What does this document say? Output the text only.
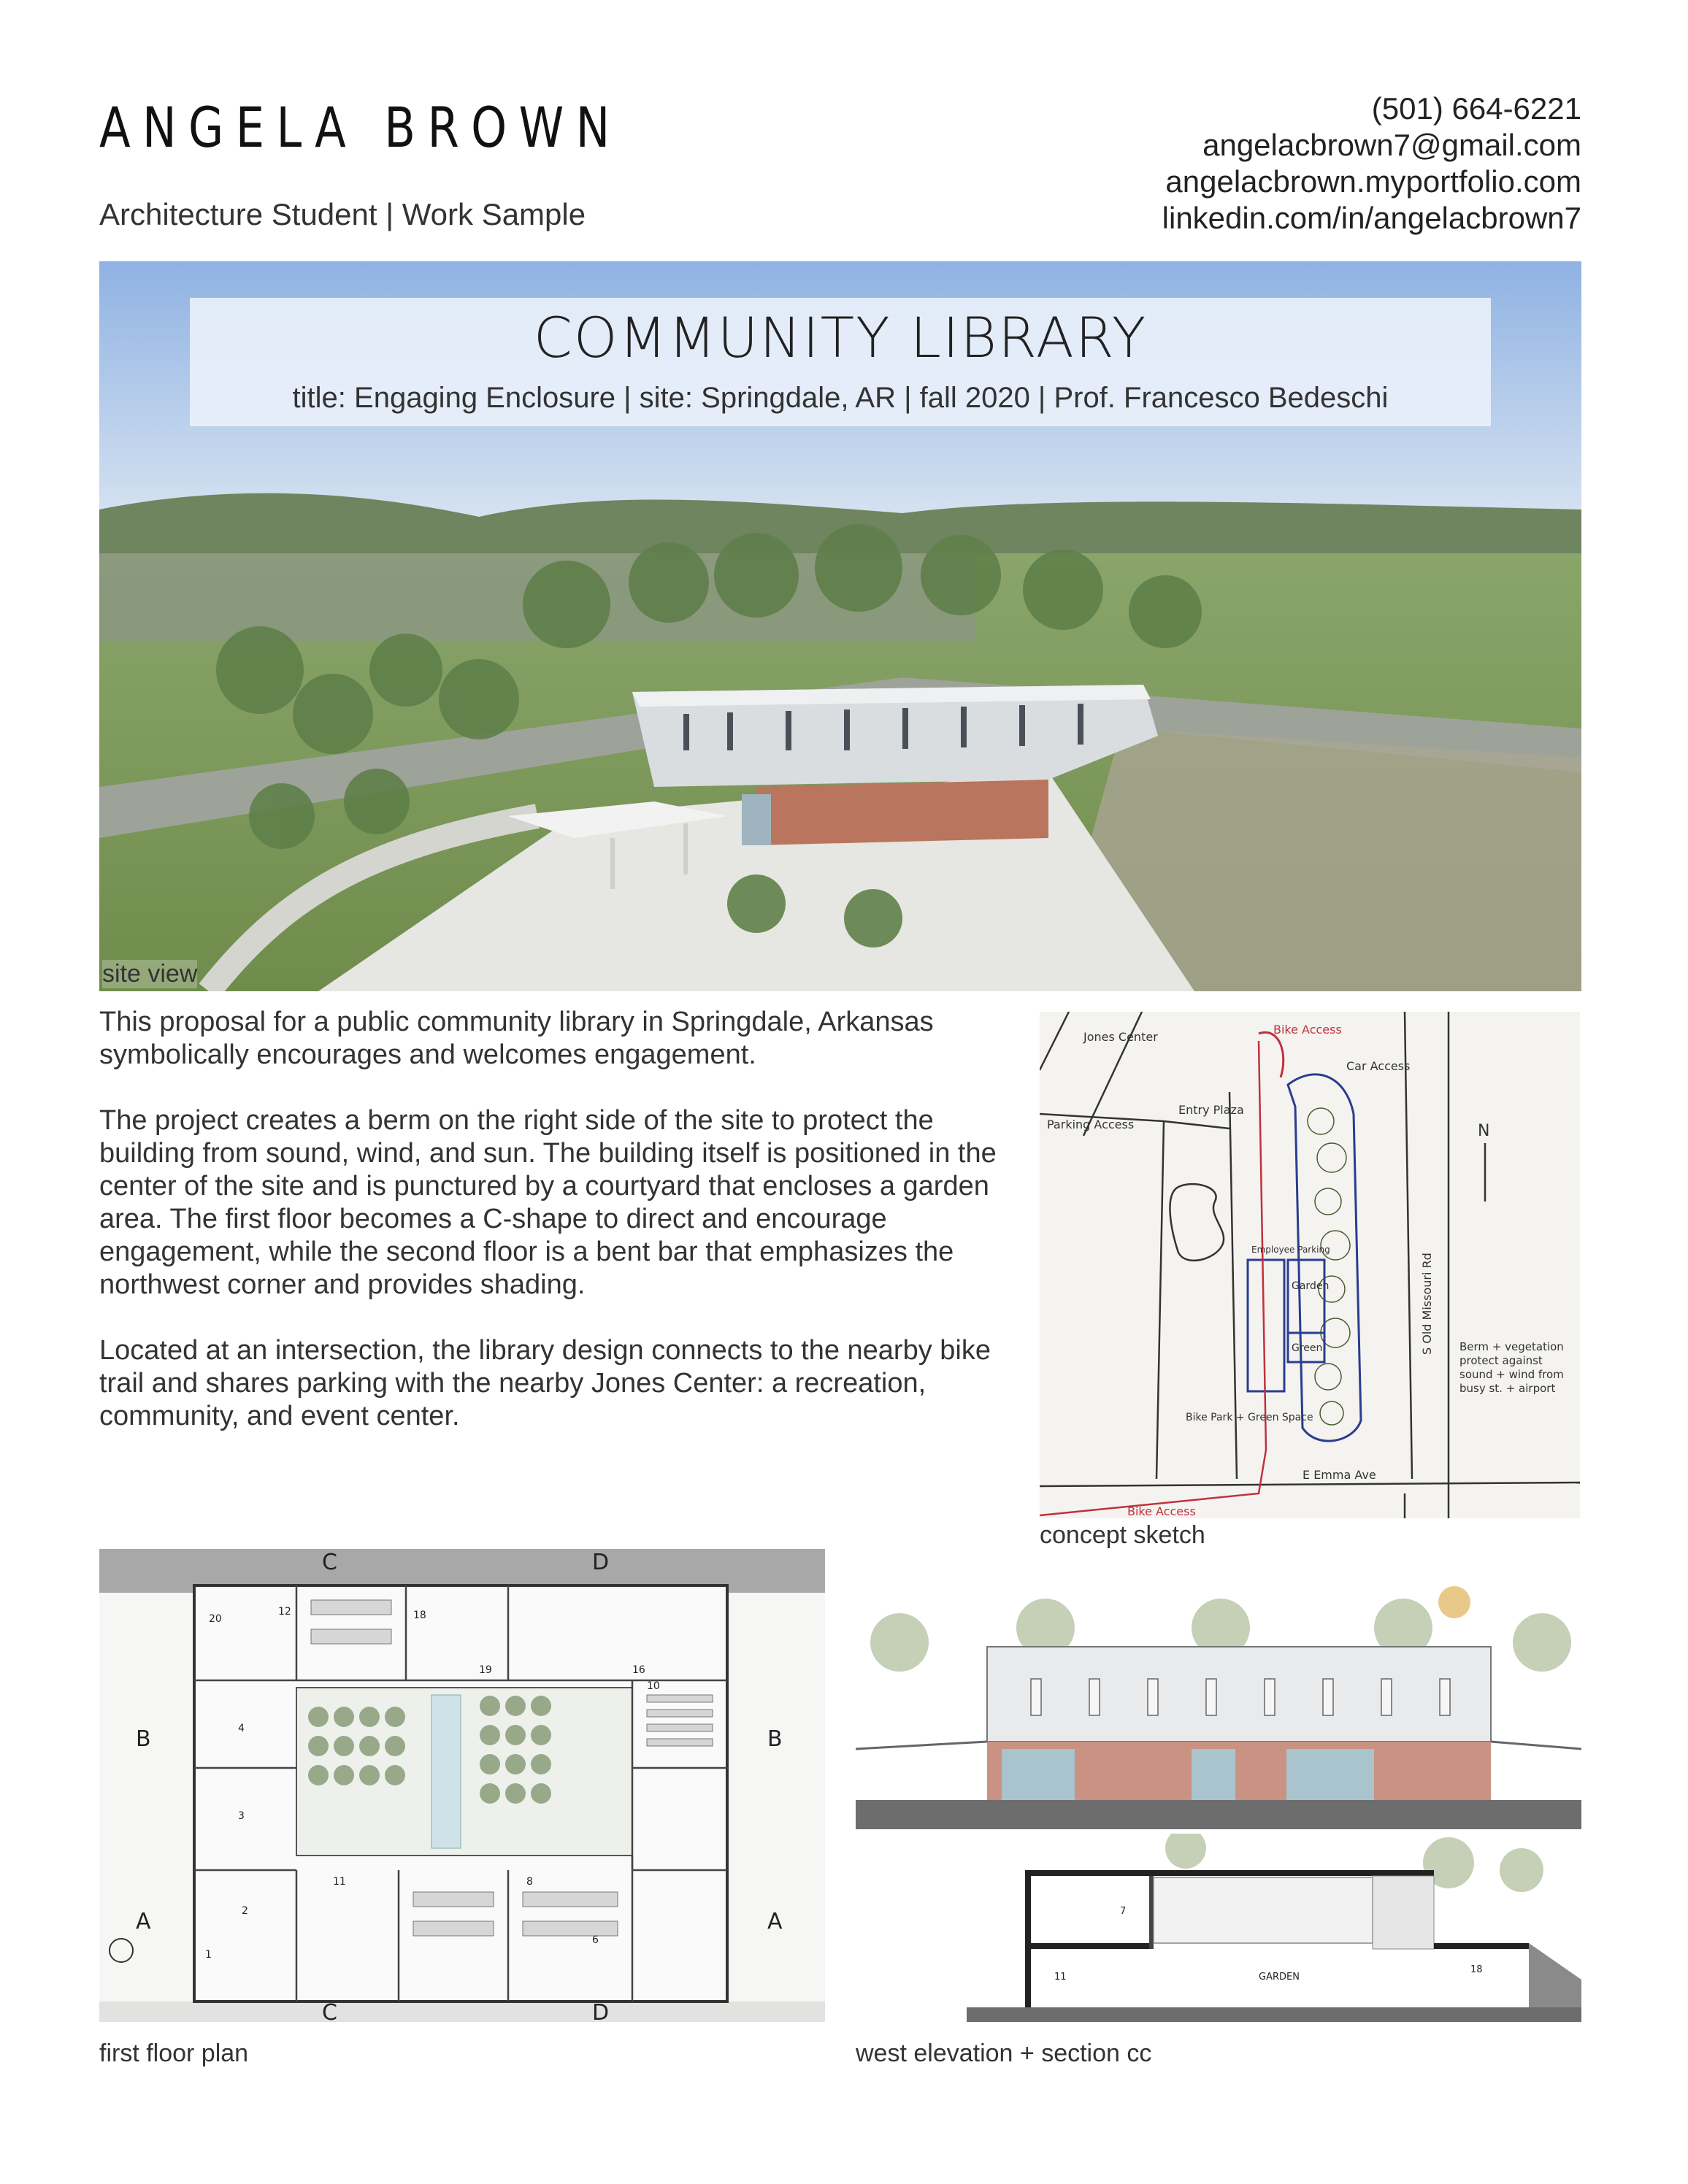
ANGELA BROWN
Architecture Student | Work Sample
(501) 664-6221
angelacbrown7@gmail.com
angelacbrown.myportfolio.com
linkedin.com/in/angelacbrown7
COMMUNITY LIBRARY
title: Engaging Enclosure | site: Springdale, AR | fall 2020 | Prof. Francesco Bedeschi
site view

This proposal for a public community library in Springdale, Arkansas symbolically encourages and welcomes engagement.

The project creates a berm on the right side of the site to protect the building from sound, wind, and sun. The building itself is positioned in the center of the site and is punctured by a courtyard that encloses a garden area. The first floor becomes a C-shape to direct and encourage engagement, while the second floor is a bent bar that emphasizes the northwest corner and provides shading.

Located at an intersection, the library design connects to the nearby bike trail and shares parking with the nearby Jones Center: a recreation, community, and event center.

Jones Center
Bike Access
Car Access
Parking Access
Entry Plaza
Employee Parking
Garden
Green
N
Bike Park + Green Space
Bike Access
E Emma Ave
S Old Missouri Rd Berm + vegetation protect against sound + wind from busy st. + airport
concept sketch
C	D
B	B
A	A
C	D
20
12	18
19	16
4
10
3
11	8
2
1
6
first floor plan
7
11	GARDEN
18
west elevation + section cc
